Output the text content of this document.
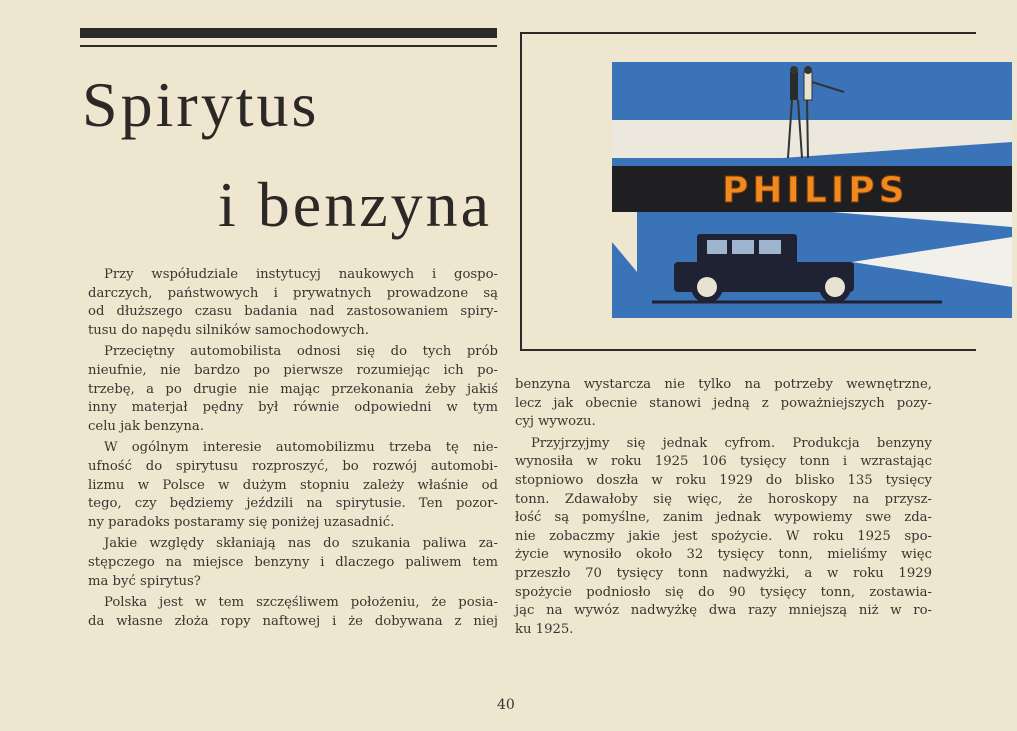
Spirytus
i benzyna
Przy współudziale instytucyj naukowych i gospo-
darczych, państwowych i prywatnych prowadzone są
od dłuższego czasu badania nad zastosowaniem spiry-
tusu do napędu silników samochodowych.
Przeciętny automobilista odnosi się do tych prób
nieufnie, nie bardzo po pierwsze rozumiejąc ich po-
trzebę, a po drugie nie mając przekonania żeby jakiś
inny materjał pędny był równie odpowiedni w tym
celu jak benzyna.
W ogólnym interesie automobilizmu trzeba tę nie-
ufność do spirytusu rozproszyć, bo rozwój automobi-
lizmu w Polsce w dużym stopniu zależy właśnie od
tego, czy będziemy jeździli na spirytusie. Ten pozor-
ny paradoks postaramy się poniżej uzasadnić.
Jakie względy skłaniają nas do szukania paliwa za-
stępczego na miejsce benzyny i dlaczego paliwem tem
ma być spirytus?
Polska jest w tem szczęśliwem położeniu, że posia-
da własne złoża ropy naftowej i że dobywana z niej
benzyna wystarcza nie tylko na potrzeby wewnętrzne,
lecz jak obecnie stanowi jedną z poważniejszych pozy-
cyj wywozu.
Przyjrzyjmy się jednak cyfrom. Produkcja benzyny
wynosiła w roku 1925 106 tysięcy tonn i wzrastając
stopniowo doszła w roku 1929 do blisko 135 tysięcy
tonn. Zdawałoby się więc, że horoskopy na przysz-
łość są pomyślne, zanim jednak wypowiemy swe zda-
nie zobaczmy jakie jest spożycie. W roku 1925 spo-
życie wynosiło około 32 tysięcy tonn, mieliśmy więc
przeszło 70 tysięcy tonn nadwyżki, a w roku 1929
spożycie podniosło się do 90 tysięcy tonn, zostawia-
jąc na wywóz nadwyżkę dwa razy mniejszą niż w ro-
ku 1925.
PHILIPS
40
